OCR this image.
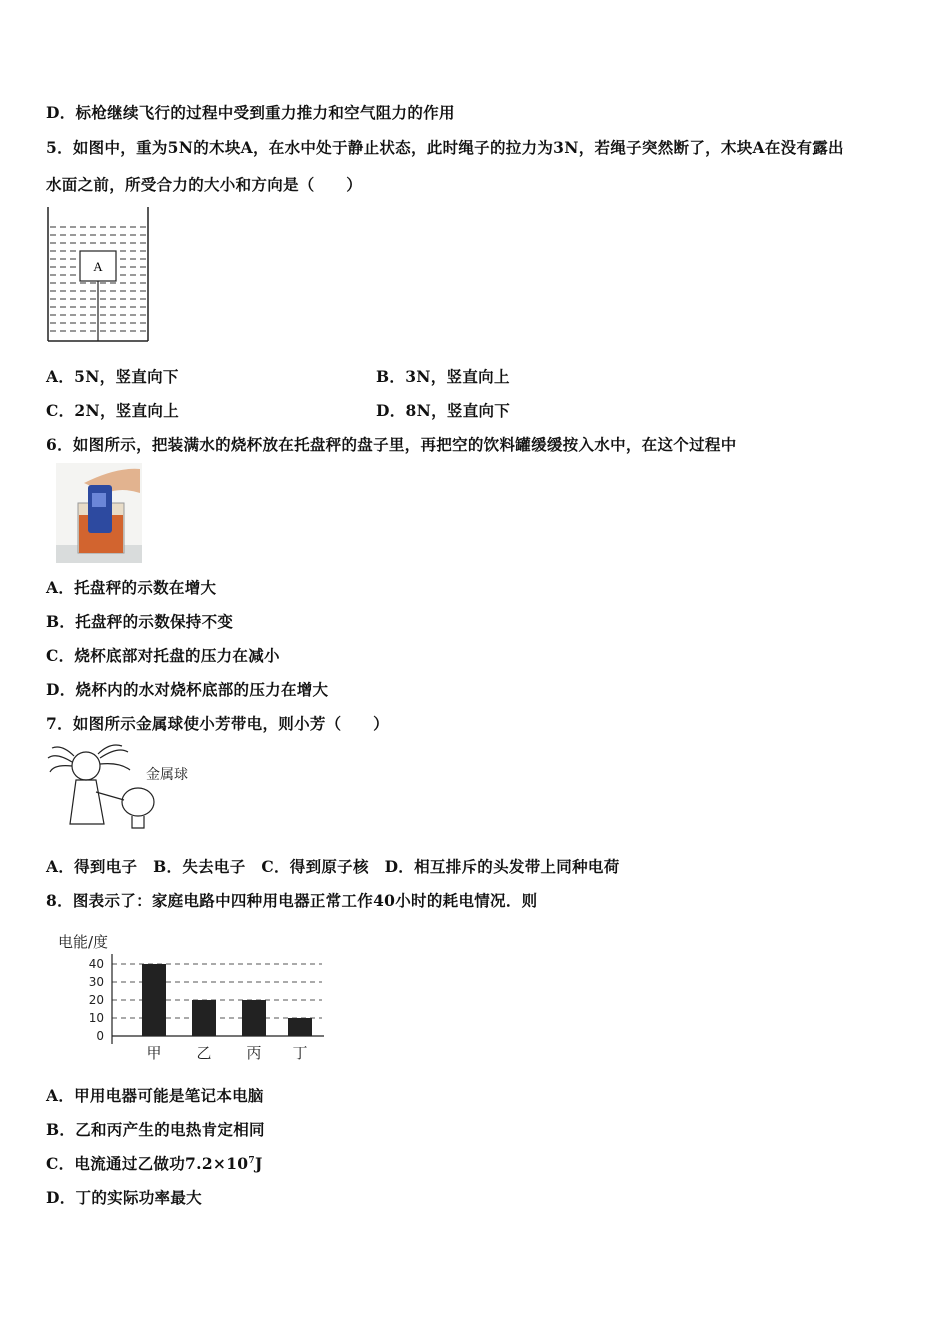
D．标枪继续飞行的过程中受到重力推力和空气阻力的作用
5．如图中，重为5N的木块A，在水中处于静止状态，此时绳子的拉力为3N，若绳子突然断了，木块A在没有露出
水面之前，所受合力的大小和方向是（　　）
A
A．5N，竖直向下	B．3N，竖直向上
C．2N，竖直向上	D．8N，竖直向下
6．如图所示，把装满水的烧杯放在托盘秤的盘子里，再把空的饮料罐缓缓按入水中，在这个过程中
A．托盘秤的示数在增大
B．托盘秤的示数保持不变
C．烧杯底部对托盘的压力在减小
D．烧杯内的水对烧杯底部的压力在增大
7．如图所示金属球使小芳带电，则小芳（　　）
金属球
A．得到电子　B．失去电子　C．得到原子核　D．相互排斥的头发带上同种电荷
8．图表示了：家庭电路中四种用电器正常工作40小时的耗电情况．则
电能/度
0
10
20
30
40
甲 乙 丙 丁
A．甲用电器可能是笔记本电脑
B．乙和丙产生的电热肯定相同
C．电流通过乙做功$7.2\times 10^7J$
D．丁的实际功率最大
